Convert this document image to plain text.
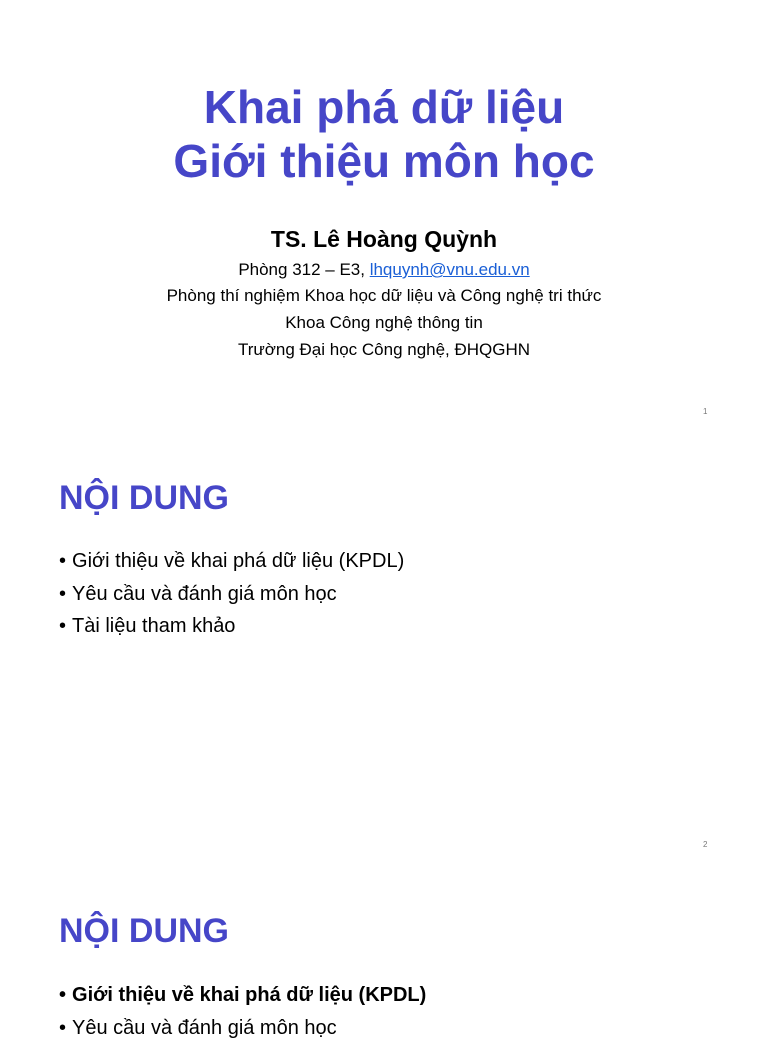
Khai phá dữ liệu
Giới thiệu môn học
TS. Lê Hoàng Quỳnh
Phòng 312 – E3, lhquynh@vnu.edu.vn
Phòng thí nghiệm Khoa học dữ liệu và Công nghệ tri thức
Khoa Công nghệ thông tin
Trường Đại học Công nghệ, ĐHQGHN
1
NỘI DUNG
• Giới thiệu về khai phá dữ liệu (KPDL)
• Yêu cầu và đánh giá môn học
• Tài liệu tham khảo
2
NỘI DUNG
• Giới thiệu về khai phá dữ liệu (KPDL)
• Yêu cầu và đánh giá môn học
